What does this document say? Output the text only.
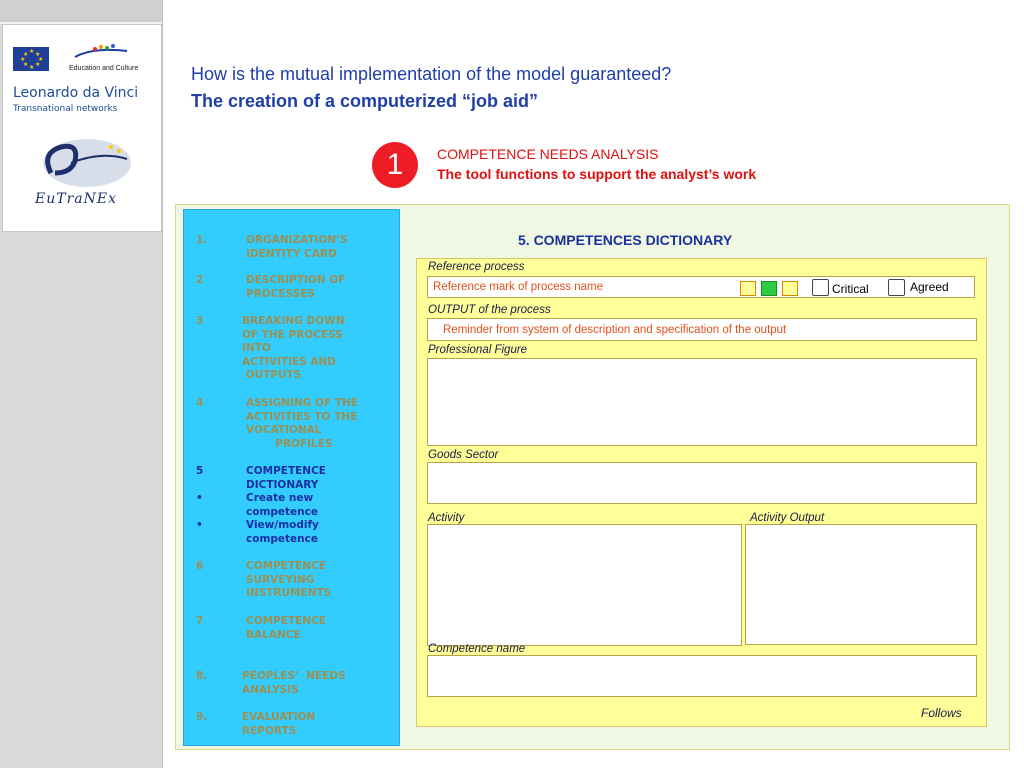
★
★ ★
★ ★
★ ★
★	Education and Culture
Leonardo da Vinci
Transnational networks
EuTraNEx
How is the mutual implementation of the model guaranteed?
The creation of a computerized “job aid”
1	COMPETENCE NEEDS ANALYSIS
The tool functions to support the analyst’s work
1.	ORGANIZATION’S
IDENTITY CARD
2	DESCRIPTION OF
PROCESSES
3	BREAKING DOWN
OF THE PROCESS
INTO
ACTIVITIES AND
OUTPUTS
4	ASSIGNING OF THE
ACTIVITIES TO THE
VOCATIONAL
PROFILES
5	COMPETENCE
DICTIONARY
•	Create new
competence
•	View/modify
competence
6	COMPETENCE
SURVEYING
INSTRUMENTS
7	COMPETENCE
BALANCE
8.	PEOPLES’  NEEDS
ANALYSIS
9.	EVALUATION
REPORTS
5. COMPETENCES DICTIONARY
Reference process
Reference mark of process name	Critical	Agreed
OUTPUT of the process
Reminder from system of description and specification of the output
Professional Figure
Goods Sector
Activity	Activity Output
Competence name
Follows
